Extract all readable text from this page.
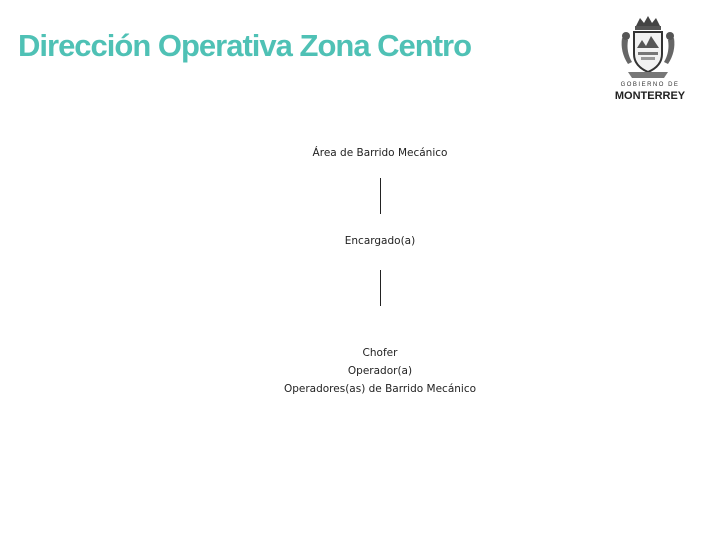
Dirección Operativa Zona Centro
GOBIERNO DE
MONTERREY
Área de Barrido Mecánico
Encargado(a)
Chofer
Operador(a)
Operadores(as) de Barrido Mecánico
